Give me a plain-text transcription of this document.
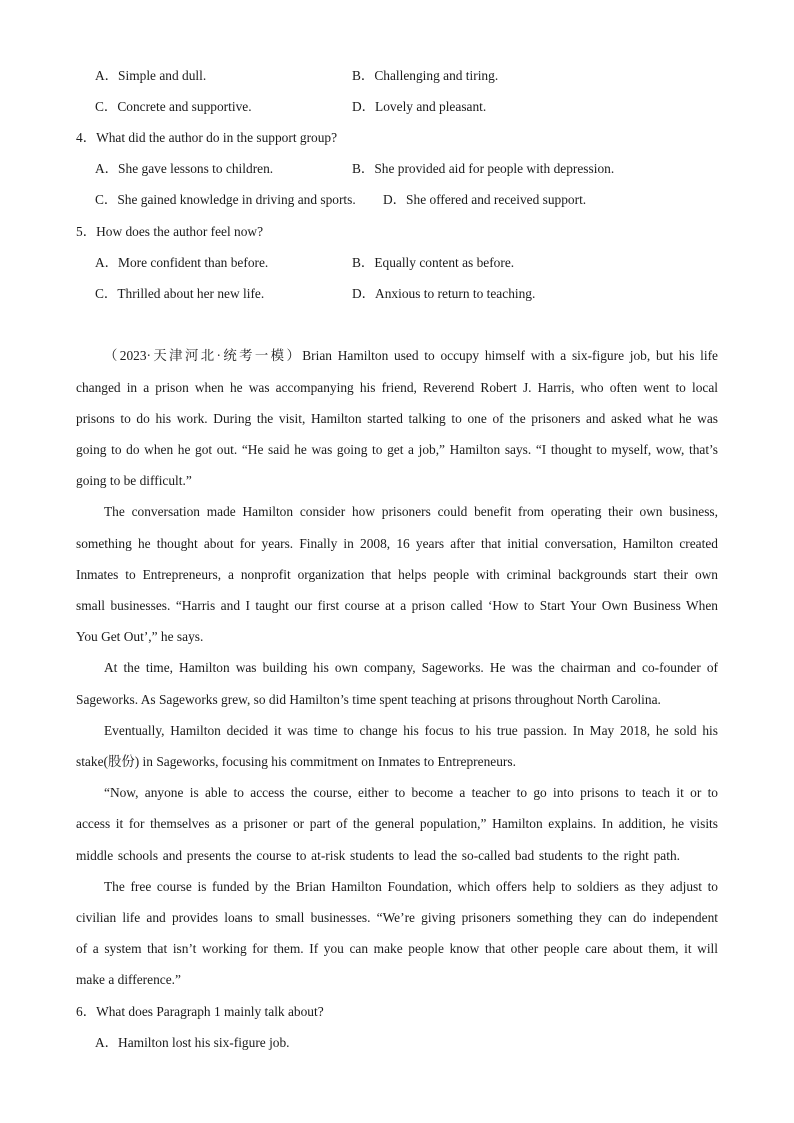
A．Simple and dull.	B．Challenging and tiring.
C．Concrete and supportive.	D．Lovely and pleasant.
4．What did the author do in the support group?
A．She gave lessons to children.	B．She provided aid for people with depression.
C．She gained knowledge in driving and sports. D．She offered and received support.
5．How does the author feel now?
A．More confident than before.	B．Equally content as before.
C．Thrilled about her new life.	D．Anxious to return to teaching.
（2023·天津河北·统考一模）Brian Hamilton used to occupy himself with a six-figure job, but his life
changed in a prison when he was accompanying his friend, Reverend Robert J. Harris, who often went to local
prisons to do his work. During the visit, Hamilton started talking to one of the prisoners and asked what he was
going to do when he got out. “He said he was going to get a job,” Hamilton says. “I thought to myself, wow, that’s
going to be difficult.”
The conversation made Hamilton consider how prisoners could benefit from operating their own business,
something he thought about for years. Finally in 2008, 16 years after that initial conversation, Hamilton created
Inmates to Entrepreneurs, a nonprofit organization that helps people with criminal backgrounds start their own
small businesses. “Harris and I taught our first course at a prison called ‘How to Start Your Own Business When
You Get Out’,” he says.
At the time, Hamilton was building his own company, Sageworks. He was the chairman and co-founder of
Sageworks. As Sageworks grew, so did Hamilton’s time spent teaching at prisons throughout North Carolina.
Eventually, Hamilton decided it was time to change his focus to his true passion. In May 2018, he sold his
stake(股份) in Sageworks, focusing his commitment on Inmates to Entrepreneurs.
“Now, anyone is able to access the course, either to become a teacher to go into prisons to teach it or to
access it for themselves as a prisoner or part of the general population,” Hamilton explains. In addition, he visits
middle schools and presents the course to at-risk students to lead the so-called bad students to the right path.
The free course is funded by the Brian Hamilton Foundation, which offers help to soldiers as they adjust to
civilian life and provides loans to small businesses. “We’re giving prisoners something they can do independent
of a system that isn’t working for them. If you can make people know that other people care about them, it will
make a difference.”
6．What does Paragraph 1 mainly talk about?
A．Hamilton lost his six-figure job.
